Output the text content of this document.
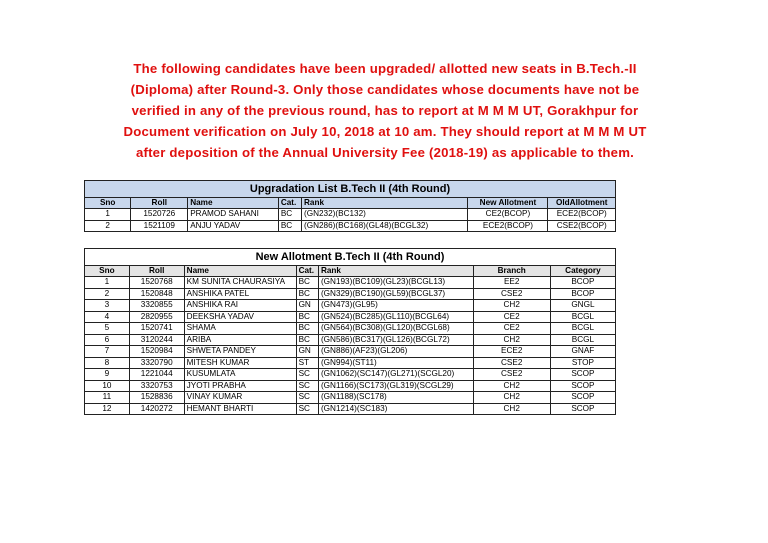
The following candidates have been upgraded/ allotted new seats in B.Tech.-II
(Diploma) after Round-3. Only those candidates whose documents have not be
verified in any of the previous round, has to report at M M M UT, Gorakhpur for
Document verification on July 10, 2018 at 10 am. They should report at M M M UT
after deposition of the Annual University Fee (2018-19) as applicable to them.
Upgradation List B.Tech II (4th Round)						
Sno	Roll	Name	Cat.	Rank	New Allotment	OldAllotment
1	1520726	PRAMOD SAHANI	BC	(GN232)(BC132)	CE2(BCOP)	ECE2(BCOP)
2	1521109	ANJU YADAV	BC	(GN286)(BC168)(GL48)(BCGL32)	ECE2(BCOP)	CSE2(BCOP)
New Allotment B.Tech II (4th Round)						
Sno	Roll	Name	Cat.	Rank	Branch	Category
1	1520768	KM SUNITA CHAURASIYA	BC	(GN193)(BC109)(GL23)(BCGL13)	EE2	BCOP
2	1520848	ANSHIKA PATEL	BC	(GN329)(BC190)(GL59)(BCGL37)	CSE2	BCOP
3	3320855	ANSHIKA RAI	GN	(GN473)(GL95)	CH2	GNGL
4	2820955	DEEKSHA YADAV	BC	(GN524)(BC285)(GL110)(BCGL64)	CE2	BCGL
5	1520741	SHAMA	BC	(GN564)(BC308)(GL120)(BCGL68)	CE2	BCGL
6	3120244	ARIBA	BC	(GN586)(BC317)(GL126)(BCGL72)	CH2	BCGL
7	1520984	SHWETA PANDEY	GN	(GN886)(AF23)(GL206)	ECE2	GNAF
8	3320790	MITESH KUMAR	ST	(GN994)(ST11)	CSE2	STOP
9	1221044	KUSUMLATA	SC	(GN1062)(SC147)(GL271)(SCGL20)	CSE2	SCOP
10	3320753	JYOTI PRABHA	SC	(GN1166)(SC173)(GL319)(SCGL29)	CH2	SCOP
11	1528836	VINAY KUMAR	SC	(GN1188)(SC178)	CH2	SCOP
12	1420272	HEMANT BHARTI	SC	(GN1214)(SC183)	CH2	SCOP
